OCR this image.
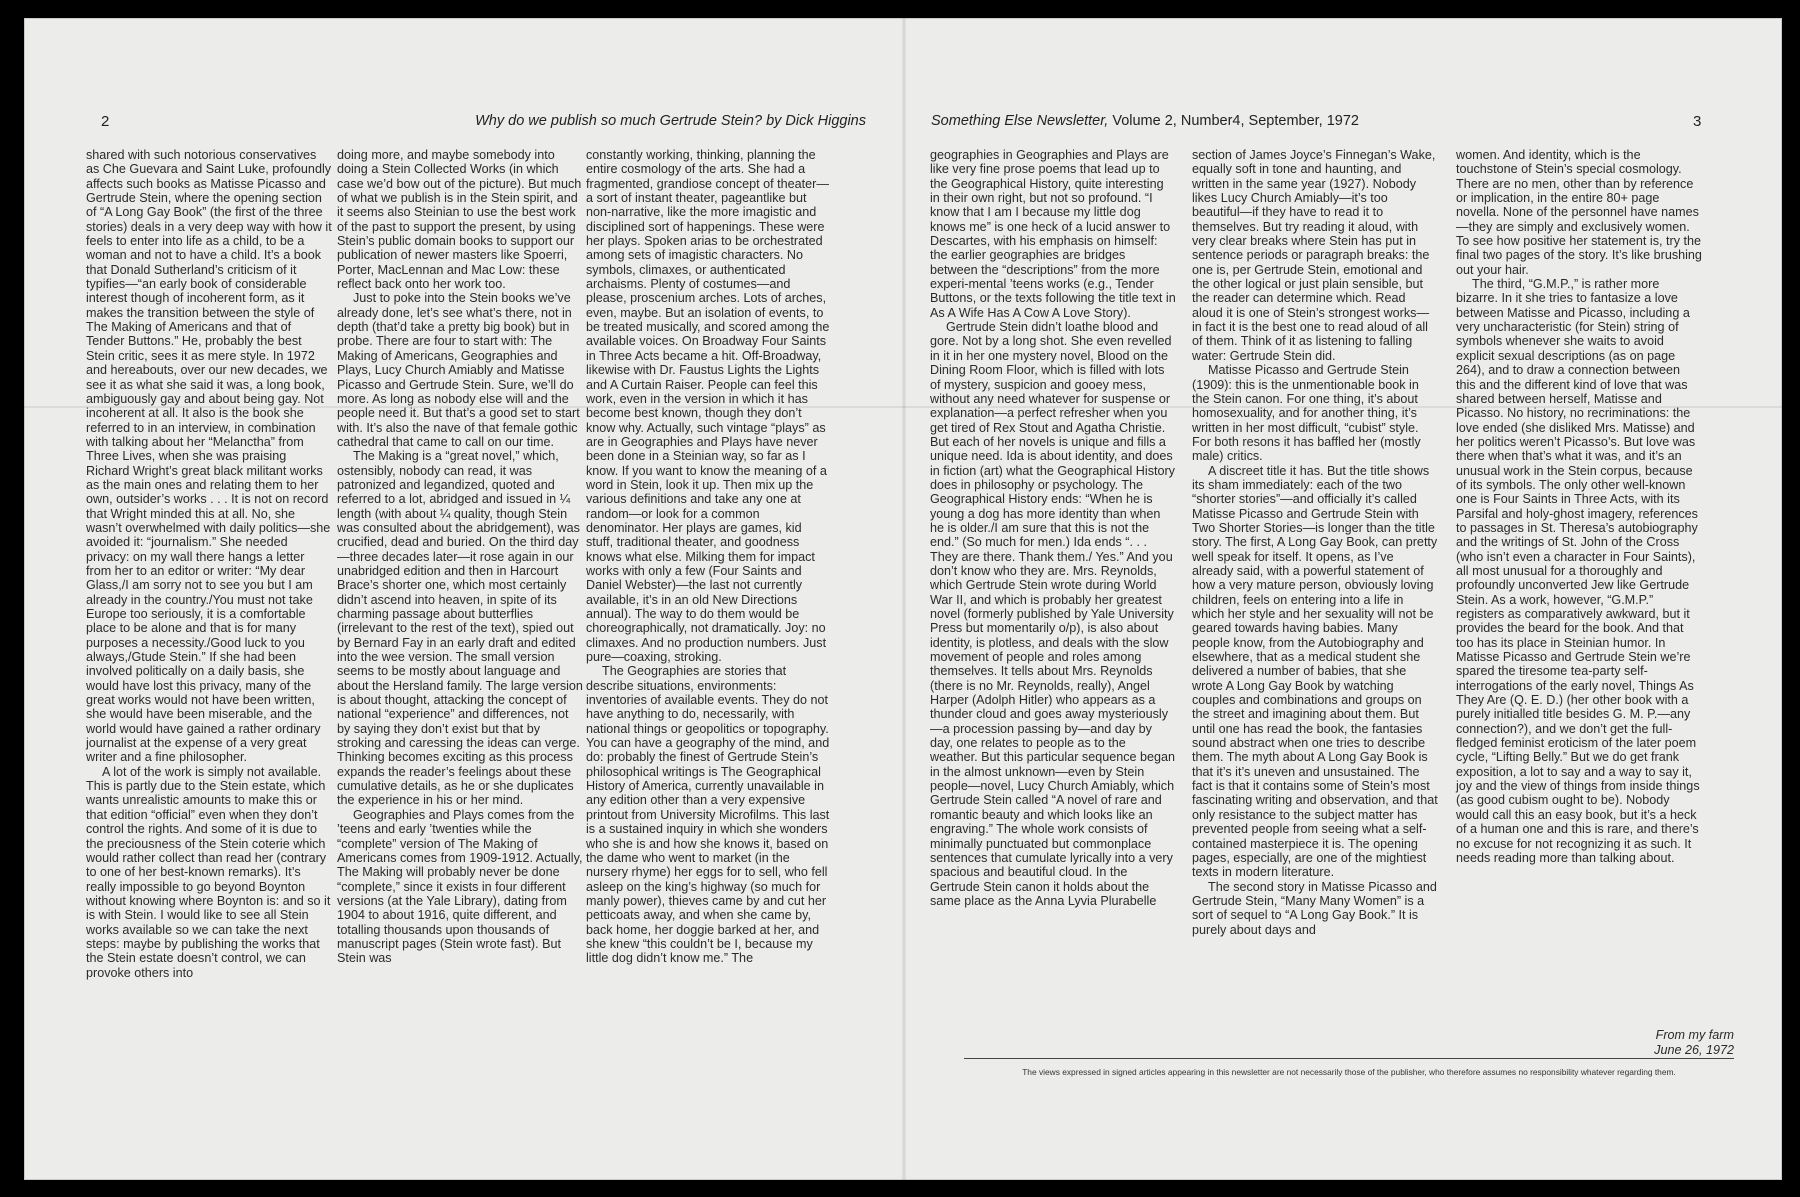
2	Why do we publish so much Gertrude Stein? by Dick Higgins	Something Else Newsletter, Volume 2, Number4, September, 1972	3

shared with such notorious conservatives as Che Guevara and Saint Luke, profoundly affects such books as Matisse Picasso and Gertrude Stein, where the opening section of “A Long Gay Book” (the first of the three stories) deals in a very deep way with how it feels to enter into life as a child, to be a woman and not to have a child. It’s a book that Donald Sutherland’s criticism of it typifies—“an early book of considerable interest though of incoherent form, as it makes the transition between the style of The Making of Americans and that of Tender Buttons.” He, probably the best Stein critic, sees it as mere style. In 1972 and hereabouts, over our new decades, we see it as what she said it was, a long book, ambiguously gay and about being gay. Not incoherent at all. It also is the book she referred to in an interview, in combination with talking about her “Melanctha” from Three Lives, when she was praising Richard Wright’s great black militant works as the main ones and relating them to her own, outsider’s works . . . It is not on record that Wright minded this at all. No, she wasn’t overwhelmed with daily politics—she avoided it: “journalism.” She needed privacy: on my wall there hangs a letter from her to an editor or writer: “My dear Glass,/I am sorry not to see you but I am already in the country./You must not take Europe too seriously, it is a comfortable place to be alone and that is for many purposes a necessity./Good luck to you always,/Gtude Stein.” If she had been involved politically on a daily basis, she would have lost this privacy, many of the great works would not have been written, she would have been miserable, and the world would have gained a rather ordinary journalist at the expense of a very great writer and a fine philosopher.

A lot of the work is simply not available. This is partly due to the Stein estate, which wants unrealistic amounts to make this or that edition “official” even when they don’t control the rights. And some of it is due to the preciousness of the Stein coterie which would rather collect than read her (contrary to one of her best-known remarks). It’s really impossible to go beyond Boynton without knowing where Boynton is: and so it is with Stein. I would like to see all Stein works available so we can take the next steps: maybe by publishing the works that the Stein estate doesn’t control, we can provoke others into

doing more, and maybe somebody into doing a Stein Collected Works (in which case we’d bow out of the picture). But much of what we publish is in the Stein spirit, and it seems also Steinian to use the best work of the past to support the present, by using Stein’s public domain books to support our publication of newer masters like Spoerri, Porter, MacLennan and Mac Low: these reflect back onto her work too.

Just to poke into the Stein books we’ve already done, let’s see what’s there, not in depth (that’d take a pretty big book) but in probe. There are four to start with: The Making of Americans, Geographies and Plays, Lucy Church Amiably and Matisse Picasso and Gertrude Stein. Sure, we’ll do more. As long as nobody else will and the people need it. But that’s a good set to start with. It’s also the nave of that female gothic cathedral that came to call on our time.

The Making is a “great novel,” which, ostensibly, nobody can read, it was patronized and legandized, quoted and referred to a lot, abridged and issued in ¼ length (with about ¼ quality, though Stein was consulted about the abridgement), was crucified, dead and buried. On the third day—three decades later—it rose again in our unabridged edition and then in Harcourt Brace’s shorter one, which most certainly didn’t ascend into heaven, in spite of its charming passage about butterflies (irrelevant to the rest of the text), spied out by Bernard Fay in an early draft and edited into the wee version. The small version seems to be mostly about language and about the Hersland family. The large version is about thought, attacking the concept of national “experience” and differences, not by saying they don’t exist but that by stroking and caressing the ideas can verge. Thinking becomes exciting as this process expands the reader’s feelings about these cumulative details, as he or she duplicates the experience in his or her mind.

Geographies and Plays comes from the ’teens and early ’twenties while the “complete” version of The Making of Americans comes from 1909-1912. Actually, The Making will probably never be done “complete,” since it exists in four different versions (at the Yale Library), dating from 1904 to about 1916, quite different, and totalling thousands upon thousands of manuscript pages (Stein wrote fast). But Stein was

constantly working, thinking, planning the entire cosmology of the arts. She had a fragmented, grandiose concept of theater—a sort of instant theater, pageantlike but non-narrative, like the more imagistic and disciplined sort of happenings. These were her plays. Spoken arias to be orchestrated among sets of imagistic characters. No symbols, climaxes, or authenticated archaisms. Plenty of costumes—and please, proscenium arches. Lots of arches, even, maybe. But an isolation of events, to be treated musically, and scored among the available voices. On Broadway Four Saints in Three Acts became a hit. Off-Broadway, likewise with Dr. Faustus Lights the Lights and A Curtain Raiser. People can feel this work, even in the version in which it has become best known, though they don’t know why. Actually, such vintage “plays” as are in Geographies and Plays have never been done in a Steinian way, so far as I know. If you want to know the meaning of a word in Stein, look it up. Then mix up the various definitions and take any one at random—or look for a common denominator. Her plays are games, kid stuff, traditional theater, and goodness knows what else. Milking them for impact works with only a few (Four Saints and Daniel Webster)—the last not currently available, it’s in an old New Directions annual). The way to do them would be choreographically, not dramatically. Joy: no climaxes. And no production numbers. Just pure—coaxing, stroking.

The Geographies are stories that describe situations, environments: inventories of available events. They do not have anything to do, necessarily, with national things or geopolitics or topography. You can have a geography of the mind, and do: probably the finest of Gertrude Stein’s philosophical writings is The Geographical History of America, currently unavailable in any edition other than a very expensive printout from University Microfilms. This last is a sustained inquiry in which she wonders who she is and how she knows it, based on the dame who went to market (in the nursery rhyme) her eggs for to sell, who fell asleep on the king’s highway (so much for manly power), thieves came by and cut her petticoats away, and when she came by, back home, her doggie barked at her, and she knew “this couldn’t be I, because my little dog didn’t know me.” The

geographies in Geographies and Plays are like very fine prose poems that lead up to the Geographical History, quite interesting in their own right, but not so profound. “I know that I am I because my little dog knows me” is one heck of a lucid answer to Descartes, with his emphasis on himself: the earlier geographies are bridges between the “descriptions” from the more experi-mental ’teens works (e.g., Tender Buttons, or the texts following the title text in As A Wife Has A Cow A Love Story).

Gertrude Stein didn’t loathe blood and gore. Not by a long shot. She even revelled in it in her one mystery novel, Blood on the Dining Room Floor, which is filled with lots of mystery, suspicion and gooey mess, without any need whatever for suspense or explanation—a perfect refresher when you get tired of Rex Stout and Agatha Christie. But each of her novels is unique and fills a unique need. Ida is about identity, and does in fiction (art) what the Geographical History does in philosophy or psychology. The Geographical History ends: “When he is young a dog has more identity than when he is older./I am sure that this is not the end.” (So much for men.) Ida ends “. . . They are there. Thank them./ Yes.” And you don’t know who they are. Mrs. Reynolds, which Gertrude Stein wrote during World War II, and which is probably her greatest novel (formerly published by Yale University Press but momentarily o/p), is also about identity, is plotless, and deals with the slow movement of people and roles among themselves. It tells about Mrs. Reynolds (there is no Mr. Reynolds, really), Angel Harper (Adolph Hitler) who appears as a thunder cloud and goes away mysteriously—a procession passing by—and day by day, one relates to people as to the weather. But this particular sequence began in the almost unknown—even by Stein people—novel, Lucy Church Amiably, which Gertrude Stein called “A novel of rare and romantic beauty and which looks like an engraving.” The whole work consists of minimally punctuated but commonplace sentences that cumulate lyrically into a very spacious and beautiful cloud. In the Gertrude Stein canon it holds about the same place as the Anna Lyvia Plurabelle

section of James Joyce’s Finnegan’s Wake, equally soft in tone and haunting, and written in the same year (1927). Nobody likes Lucy Church Amiably—it’s too beautiful—if they have to read it to themselves. But try reading it aloud, with very clear breaks where Stein has put in sentence periods or paragraph breaks: the one is, per Gertrude Stein, emotional and the other logical or just plain sensible, but the reader can determine which. Read aloud it is one of Stein’s strongest works—in fact it is the best one to read aloud of all of them. Think of it as listening to falling water: Gertrude Stein did.

Matisse Picasso and Gertrude Stein (1909): this is the unmentionable book in the Stein canon. For one thing, it’s about homosexuality, and for another thing, it’s written in her most difficult, “cubist” style. For both resons it has baffled her (mostly male) critics.

A discreet title it has. But the title shows its sham immediately: each of the two “shorter stories”—and officially it’s called Matisse Picasso and Gertrude Stein with Two Shorter Stories—is longer than the title story. The first, A Long Gay Book, can pretty well speak for itself. It opens, as I’ve already said, with a powerful statement of how a very mature person, obviously loving children, feels on entering into a life in which her style and her sexuality will not be geared towards having babies. Many people know, from the Autobiography and elsewhere, that as a medical student she delivered a number of babies, that she wrote A Long Gay Book by watching couples and combinations and groups on the street and imagining about them. But until one has read the book, the fantasies sound abstract when one tries to describe them. The myth about A Long Gay Book is that it’s it’s uneven and unsustained. The fact is that it contains some of Stein’s most fascinating writing and observation, and that only resistance to the subject matter has prevented people from seeing what a self-contained masterpiece it is. The opening pages, especially, are one of the mightiest texts in modern literature.

The second story in Matisse Picasso and Gertrude Stein, “Many Many Women” is a sort of sequel to “A Long Gay Book.” It is purely about days and

women. And identity, which is the touchstone of Stein’s special cosmology. There are no men, other than by reference or implication, in the entire 80+ page novella. None of the personnel have names—they are simply and exclusively women. To see how positive her statement is, try the final two pages of the story. It’s like brushing out your hair.

The third, “G.M.P.,” is rather more bizarre. In it she tries to fantasize a love between Matisse and Picasso, including a very uncharacteristic (for Stein) string of symbols whenever she waits to avoid explicit sexual descriptions (as on page 264), and to draw a connection between this and the different kind of love that was shared between herself, Matisse and Picasso. No history, no recriminations: the love ended (she disliked Mrs. Matisse) and her politics weren’t Picasso’s. But love was there when that’s what it was, and it’s an unusual work in the Stein corpus, because of its symbols. The only other well-known one is Four Saints in Three Acts, with its Parsifal and holy-ghost imagery, references to passages in St. Theresa’s autobiography and the writings of St. John of the Cross (who isn’t even a character in Four Saints), all most unusual for a thoroughly and profoundly unconverted Jew like Gertrude Stein. As a work, however, “G.M.P.” registers as comparatively awkward, but it provides the beard for the book. And that too has its place in Steinian humor. In Matisse Picasso and Gertrude Stein we’re spared the tiresome tea-party self-interrogations of the early novel, Things As They Are (Q. E. D.) (her other book with a purely initialled title besides G. M. P.—any connection?), and we don’t get the full-fledged feminist eroticism of the later poem cycle, “Lifting Belly.” But we do get frank exposition, a lot to say and a way to say it, joy and the view of things from inside things (as good cubism ought to be). Nobody would call this an easy book, but it’s a heck of a human one and this is rare, and there’s no excuse for not recognizing it as such. It needs reading more than talking about.

From my farm
June 26, 1972
The views expressed in signed articles appearing in this newsletter are not necessarily those of the publisher, who therefore assumes no responsibility whatever regarding them.
